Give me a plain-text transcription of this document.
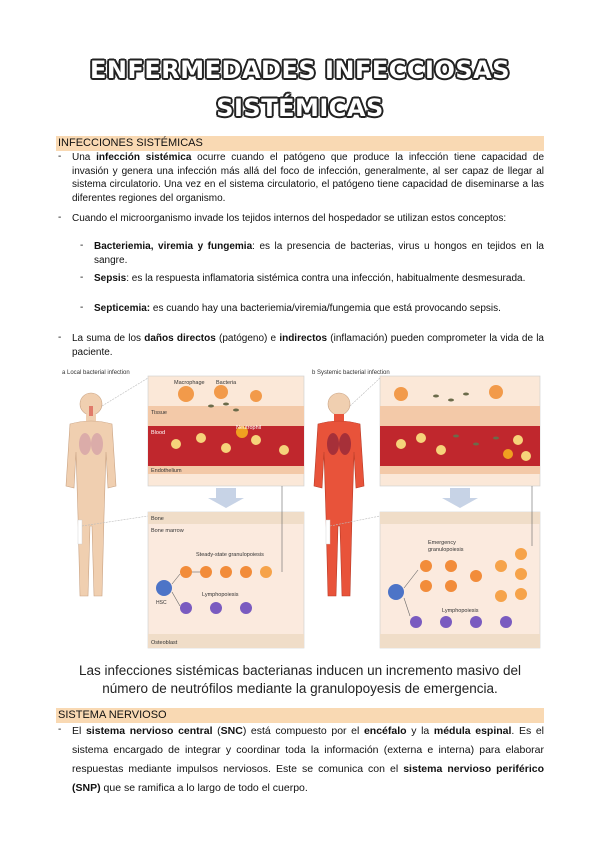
ENFERMEDADES INFECCIOSAS
SISTÉMICAS
INFECCIONES SISTÉMICAS
- Una infección sistémica ocurre cuando el patógeno que produce la infección tiene capacidad de invasión y genera una infección más allá del foco de infección, generalmente, al ser capaz de llegar al sistema circulatorio. Una vez en el sistema circulatorio, el patógeno tiene capacidad de diseminarse a las diferentes regiones del organismo.
- Cuando el microorganismo invade los tejidos internos del hospedador se utilizan estos conceptos:
- Bacteriemia, viremia y fungemia: es la presencia de bacterias, virus u hongos en tejidos en la sangre.
- Sepsis: es la respuesta inflamatoria sistémica contra una infección, habitualmente desmesurada.
- Septicemia: es cuando hay una bacteriemia/viremia/fungemia que está provocando sepsis.
- La suma de los daños directos (patógeno) e indirectos (inflamación) pueden comprometer la vida de la paciente.
a Local bacterial infection	b Systemic bacterial infection
Macrophage Bacteria
Tissue
Blood
Neutrophil
Endothelium
Bone
Bone marrow
Steady-state granulopoiesis
HSC
Lymphopoiesis
Osteoblast
Emergency
granulopoiesis
Lymphopoiesis
Las infecciones sistémicas bacterianas inducen un incremento masivo del
número de neutrófilos mediante la granulopoyesis de emergencia.
SISTEMA NERVIOSO
- El sistema nervioso central (SNC) está compuesto por el encéfalo y la médula espinal. Es el sistema encargado de integrar y coordinar toda la información (externa e interna) para elaborar respuestas mediante impulsos nerviosos. Este se comunica con el sistema nervioso periférico (SNP) que se ramifica a lo largo de todo el cuerpo.
